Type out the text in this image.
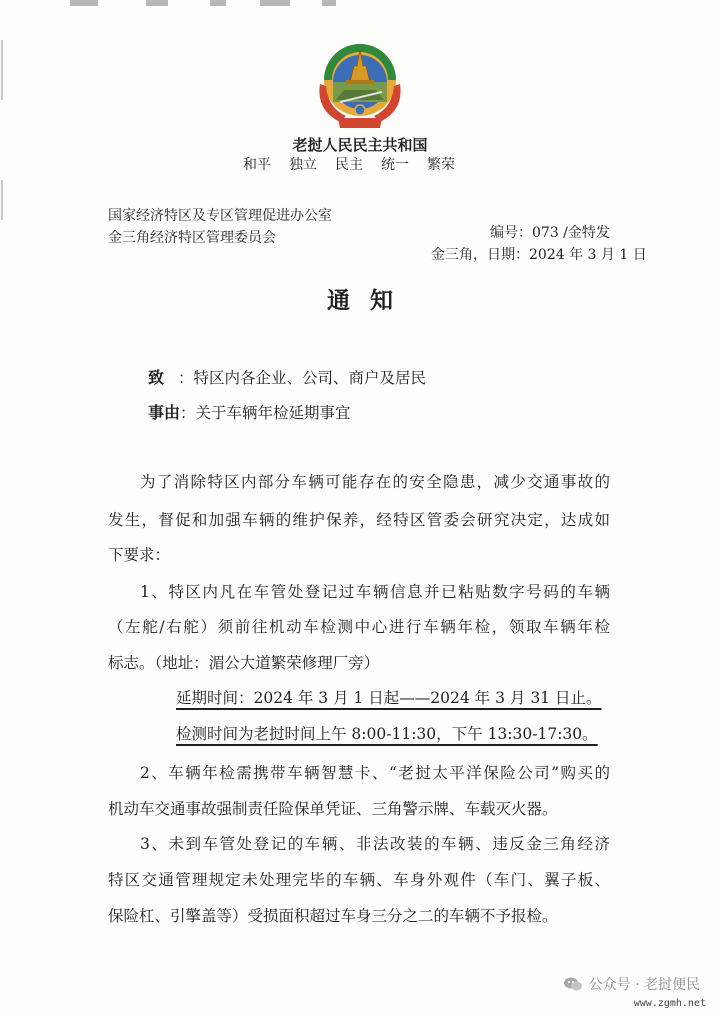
老挝人民民主共和国
和平 独立 民主 统一 繁荣
国家经济特区及专区管理促进办公室
金三角经济特区管理委员会	编号：073 /金特发
金三角，日期：2024 年 3 月 1 日
通知
致 ：特区内各企业、公司、商户及居民
事由：关于车辆年检延期事宜
为了消除特区内部分车辆可能存在的安全隐患，减少交通事故的
发生，督促和加强车辆的维护保养，经特区管委会研究决定，达成如
下要求：
1、特区内凡在车管处登记过车辆信息并已粘贴数字号码的车辆
（左舵/右舵）须前往机动车检测中心进行车辆年检，领取车辆年检
标志。（地址：湄公大道繁荣修理厂旁）
延期时间：2024 年 3 月 1 日起——2024 年 3 月 31 日止。
检测时间为老挝时间上午 8:00-11:30，下午 13:30-17:30。
2、车辆年检需携带车辆智慧卡、“老挝太平洋保险公司”购买的
机动车交通事故强制责任险保单凭证、三角警示牌、车载灭火器。
3、未到车管处登记的车辆、非法改装的车辆、违反金三角经济
特区交通管理规定未处理完毕的车辆、车身外观件（车门、翼子板、
保险杠、引擎盖等）受损面积超过车身三分之二的车辆不予报检。
公众号 · 老挝便民
www.zgmh.net
